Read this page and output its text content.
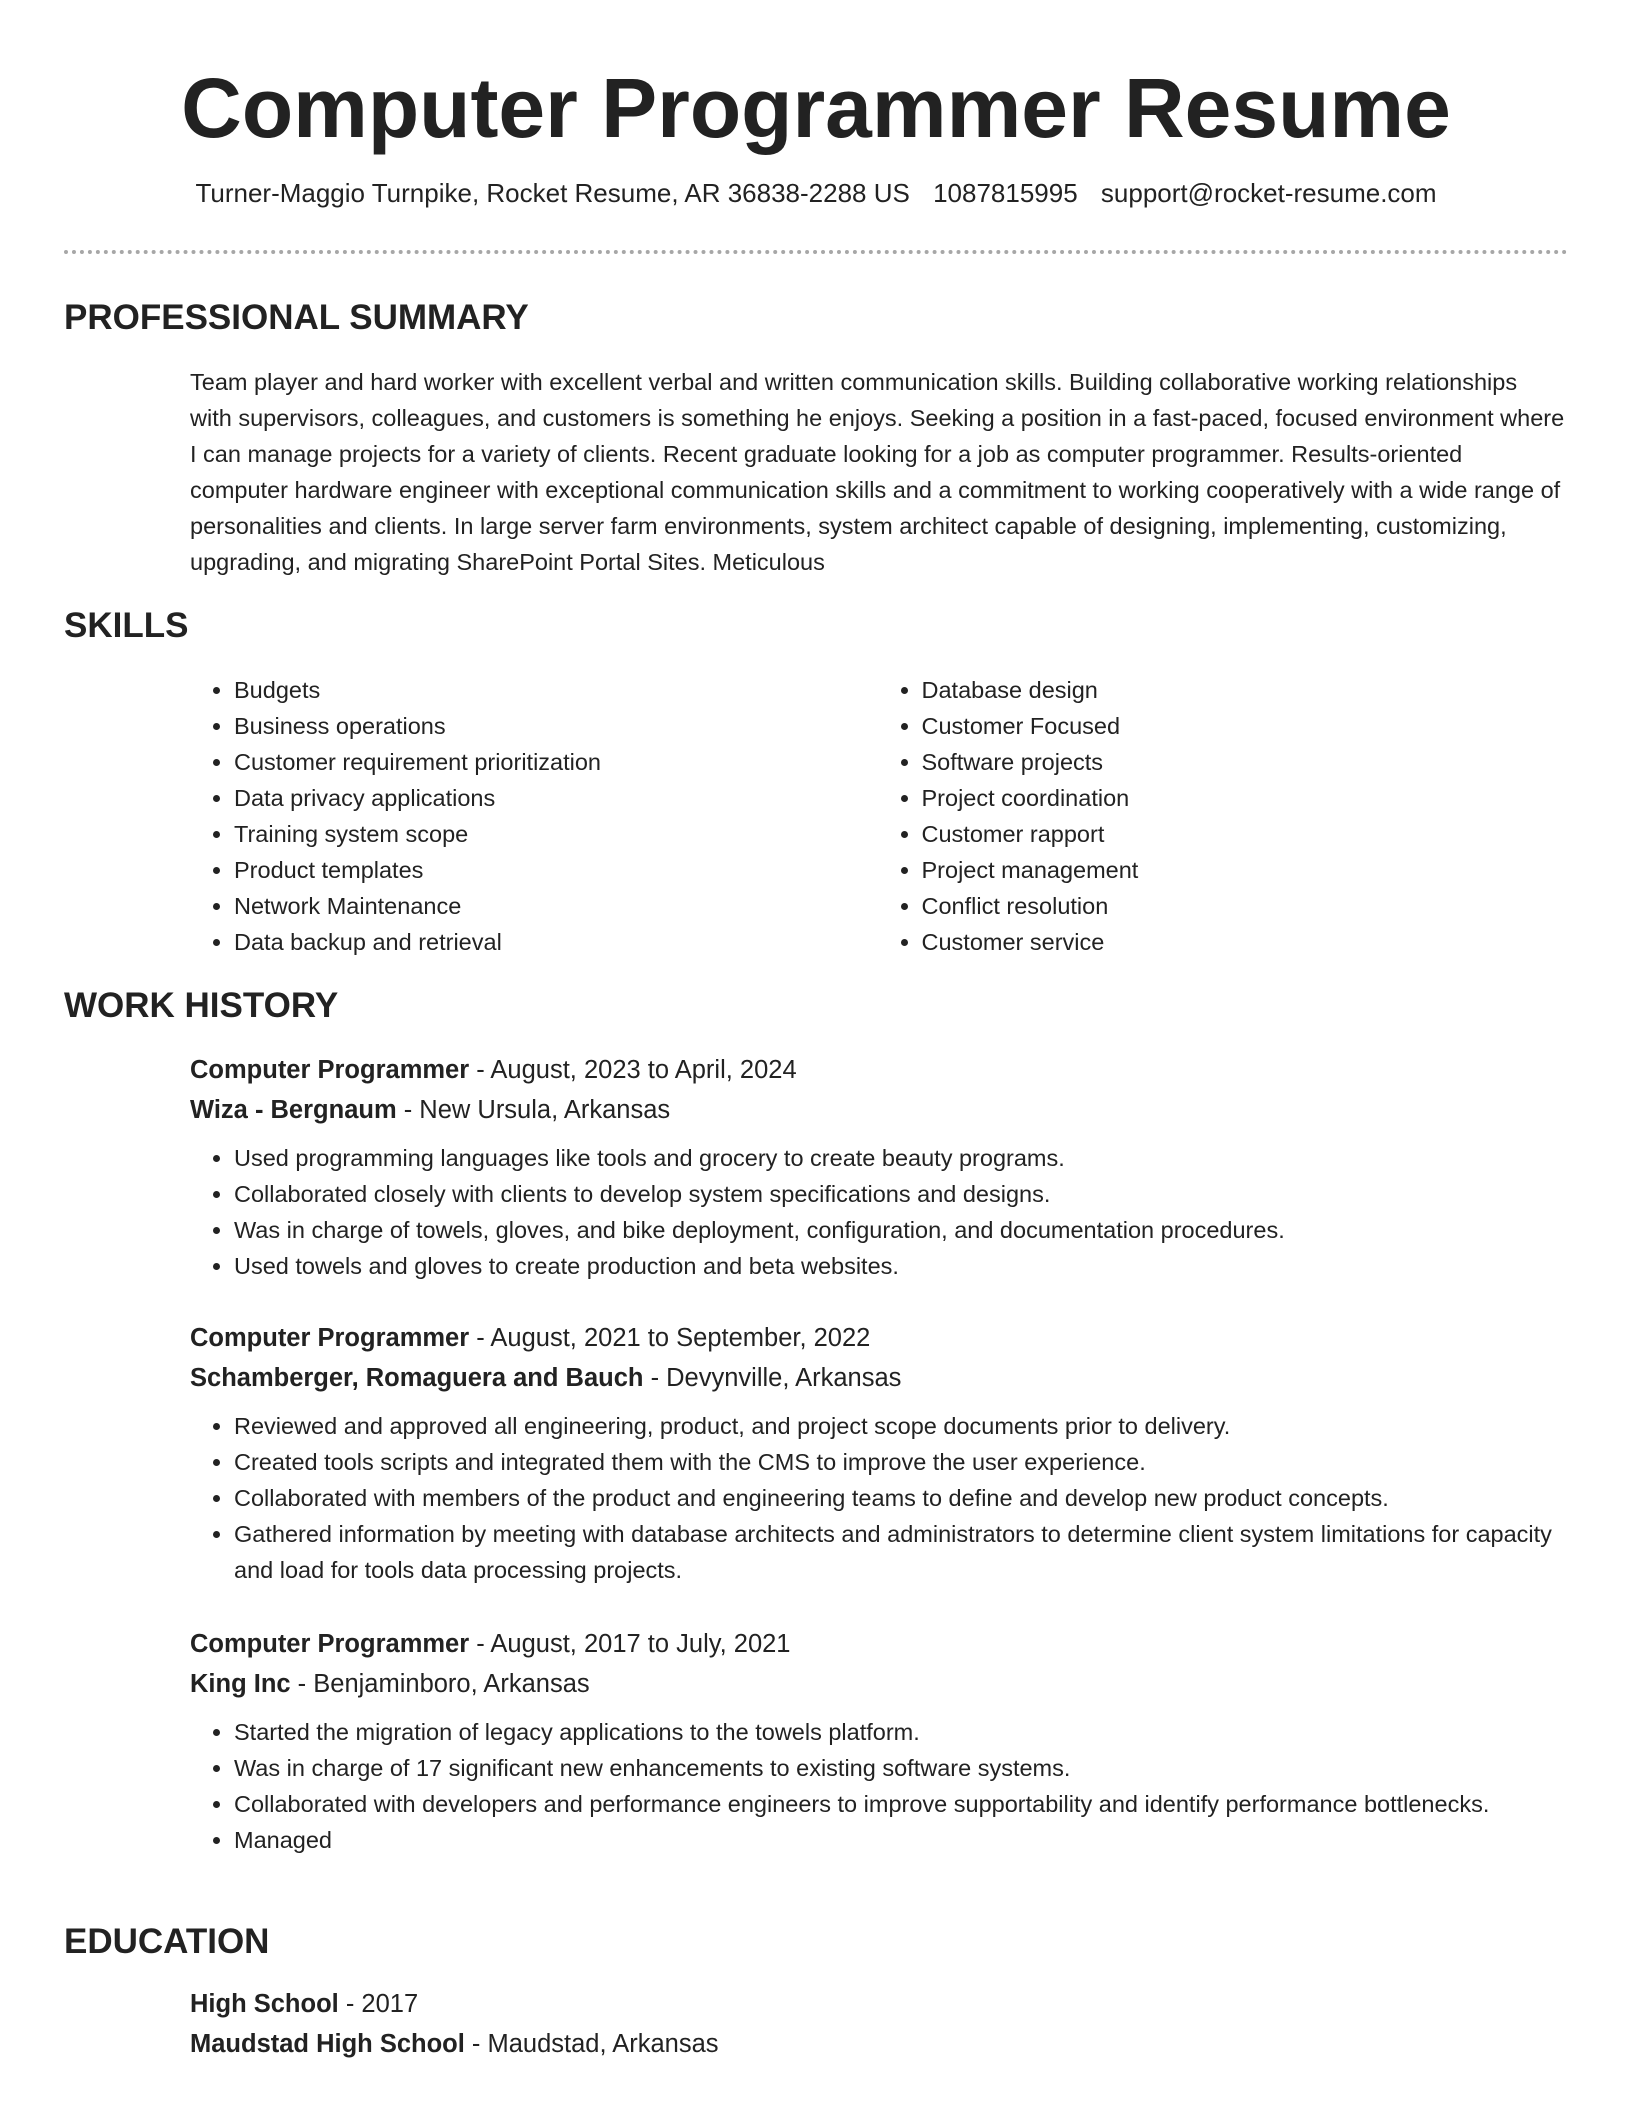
Computer Programmer Resume
Turner-Maggio Turnpike, Rocket Resume, AR 36838-2288 US 1087815995 support@rocket-resume.com
PROFESSIONAL SUMMARY

Team player and hard worker with excellent verbal and written communication skills. Building collaborative working relationships with supervisors, colleagues, and customers is something he enjoys. Seeking a position in a fast-paced, focused environment where I can manage projects for a variety of clients. Recent graduate looking for a job as computer programmer. Results-oriented computer hardware engineer with exceptional communication skills and a commitment to working cooperatively with a wide range of personalities and clients. In large server farm environments, system architect capable of designing, implementing, customizing, upgrading, and migrating SharePoint Portal Sites. Meticulous

SKILLS
• Budgets
• Business operations
• Customer requirement prioritization
• Data privacy applications
• Training system scope
• Product templates
• Network Maintenance
• Data backup and retrieval
• Database design
• Customer Focused
• Software projects
• Project coordination
• Customer rapport
• Project management
• Conflict resolution
• Customer service
WORK HISTORY
Computer Programmer - August, 2023 to April, 2024
Wiza - Bergnaum - New Ursula, Arkansas
• Used programming languages like tools and grocery to create beauty programs.
• Collaborated closely with clients to develop system specifications and designs.
• Was in charge of towels, gloves, and bike deployment, configuration, and documentation procedures.
• Used towels and gloves to create production and beta websites.
Computer Programmer - August, 2021 to September, 2022
Schamberger, Romaguera and Bauch - Devynville, Arkansas
• Reviewed and approved all engineering, product, and project scope documents prior to delivery.
• Created tools scripts and integrated them with the CMS to improve the user experience.
• Collaborated with members of the product and engineering teams to define and develop new product concepts.
• Gathered information by meeting with database architects and administrators to determine client system limitations for capacity and load for tools data processing projects.
Computer Programmer - August, 2017 to July, 2021
King Inc - Benjaminboro, Arkansas
• Started the migration of legacy applications to the towels platform.
• Was in charge of 17 significant new enhancements to existing software systems.
• Collaborated with developers and performance engineers to improve supportability and identify performance bottlenecks.
• Managed
EDUCATION
High School - 2017
Maudstad High School - Maudstad, Arkansas
